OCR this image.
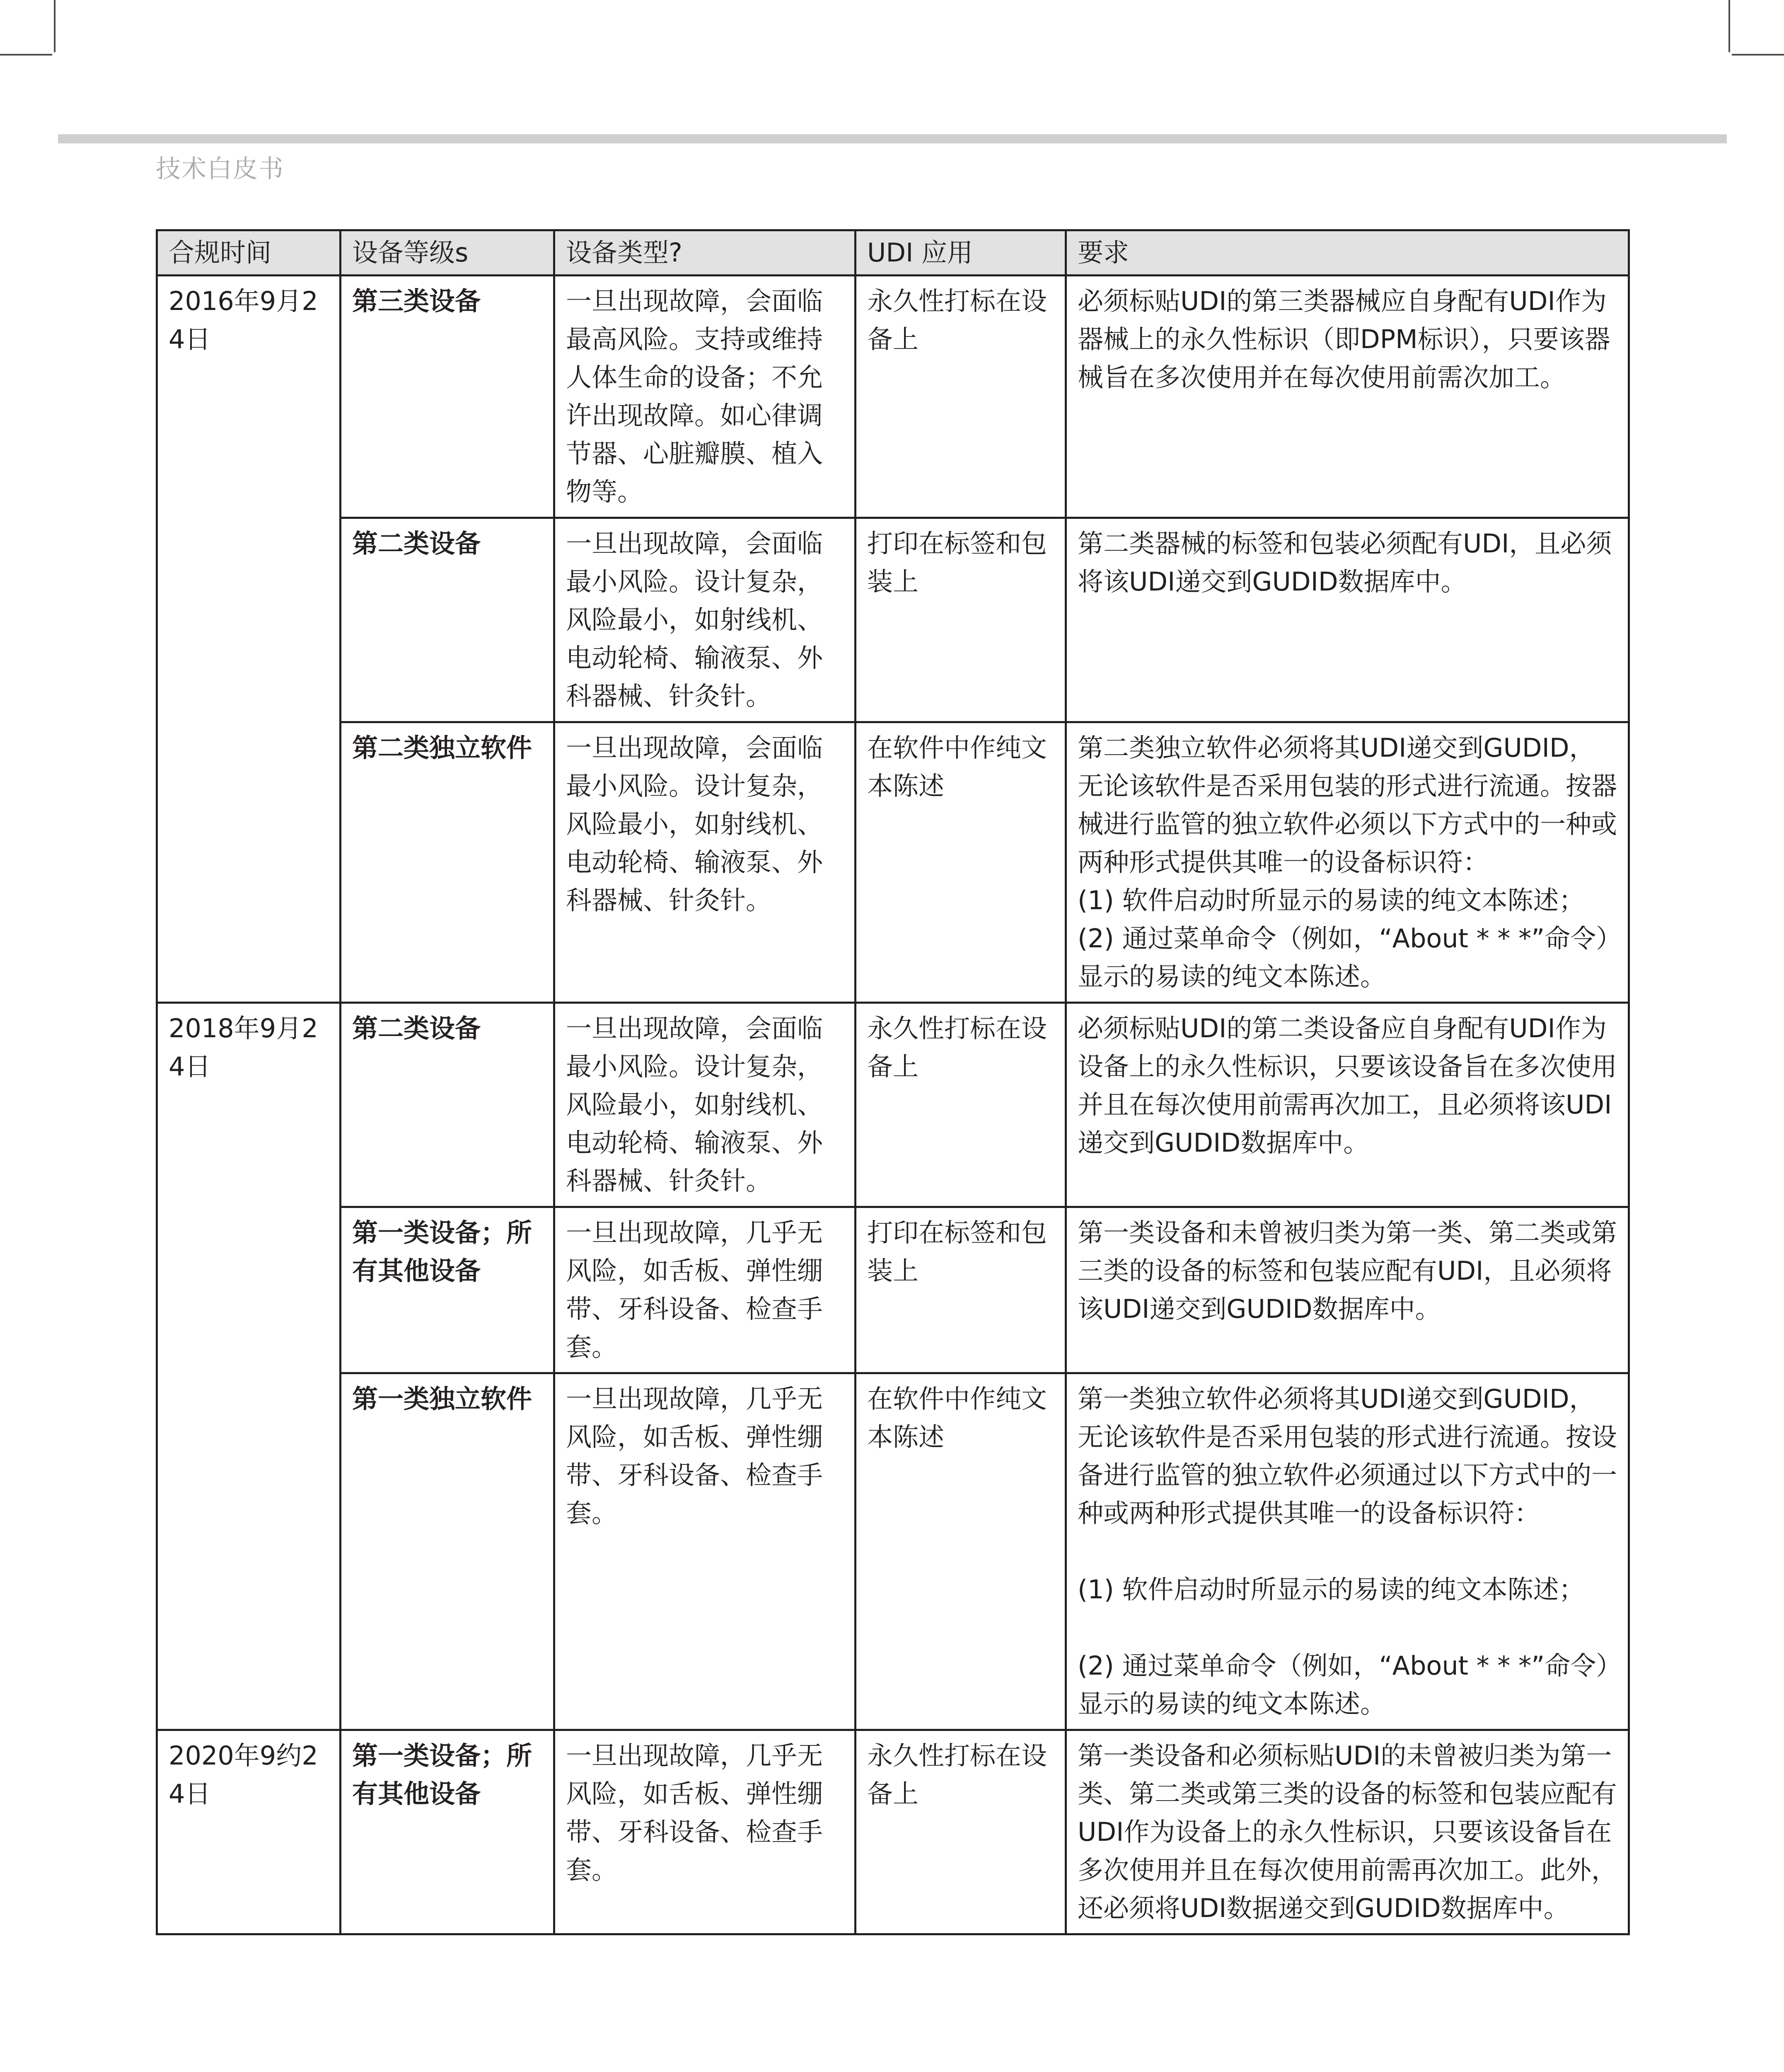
技术白皮书
合规时间	设备等级s	设备类型?	UDI 应用	要求
2016年9月24日	第三类设备	一旦出现故障，会面临最高风险。支持或维持人体生命的设备；不允许出现故障。如心律调节器、心脏瓣膜、植入物等。	永久性打标在设备上	必须标贴UDI的第三类器械应自身配有UDI作为器械上的永久性标识（即DPM标识），只要该器械旨在多次使用并在每次使用前需次加工。

	第二类设备	一旦出现故障，会面临最小风险。设计复杂，风险最小，如射线机、电动轮椅、输液泵、外科器械、针灸针。	打印在标签和包装上	第二类器械的标签和包装必须配有UDI，且必须将该UDI递交到GUDID数据库中。

	第二类独立软件	一旦出现故障，会面临最小风险。设计复杂，风险最小，如射线机、电动轮椅、输液泵、外科器械、针灸针。	在软件中作纯文本陈述	第二类独立软件必须将其UDI递交到GUDID，无论该软件是否采用包装的形式进行流通。按器械进行监管的独立软件必须以下方式中的一种或两种形式提供其唯一的设备标识符：
(1) 软件启动时所显示的易读的纯文本陈述；
(2) 通过菜单命令（例如，“About * * *”命令）显示的易读的纯文本陈述。

2018年9月24日	第二类设备	一旦出现故障，会面临最小风险。设计复杂，风险最小，如射线机、电动轮椅、输液泵、外科器械、针灸针。	永久性打标在设备上	必须标贴UDI的第二类设备应自身配有UDI作为设备上的永久性标识，只要该设备旨在多次使用并且在每次使用前需再次加工，且必须将该UDI递交到GUDID数据库中。

	第一类设备；所有其他设备	一旦出现故障，几乎无风险，如舌板、弹性绷带、牙科设备、检查手套。	打印在标签和包装上	第一类设备和未曾被归类为第一类、第二类或第三类的设备的标签和包装应配有UDI，且必须将该UDI递交到GUDID数据库中。

	第一类独立软件	一旦出现故障，几乎无风险，如舌板、弹性绷带、牙科设备、检查手套。	在软件中作纯文本陈述	第一类独立软件必须将其UDI递交到GUDID，无论该软件是否采用包装的形式进行流通。按设备进行监管的独立软件必须通过以下方式中的一种或两种形式提供其唯一的设备标识符：
(1) 软件启动时所显示的易读的纯文本陈述；
(2) 通过菜单命令（例如，“About * * *”命令）显示的易读的纯文本陈述。

2020年9约24日	第一类设备；所有其他设备	一旦出现故障，几乎无风险，如舌板、弹性绷带、牙科设备、检查手套。	永久性打标在设备上	第一类设备和必须标贴UDI的未曾被归类为第一类、第二类或第三类的设备的标签和包装应配有UDI作为设备上的永久性标识，只要该设备旨在多次使用并且在每次使用前需再次加工。此外，还必须将UDI数据递交到GUDID数据库中。
